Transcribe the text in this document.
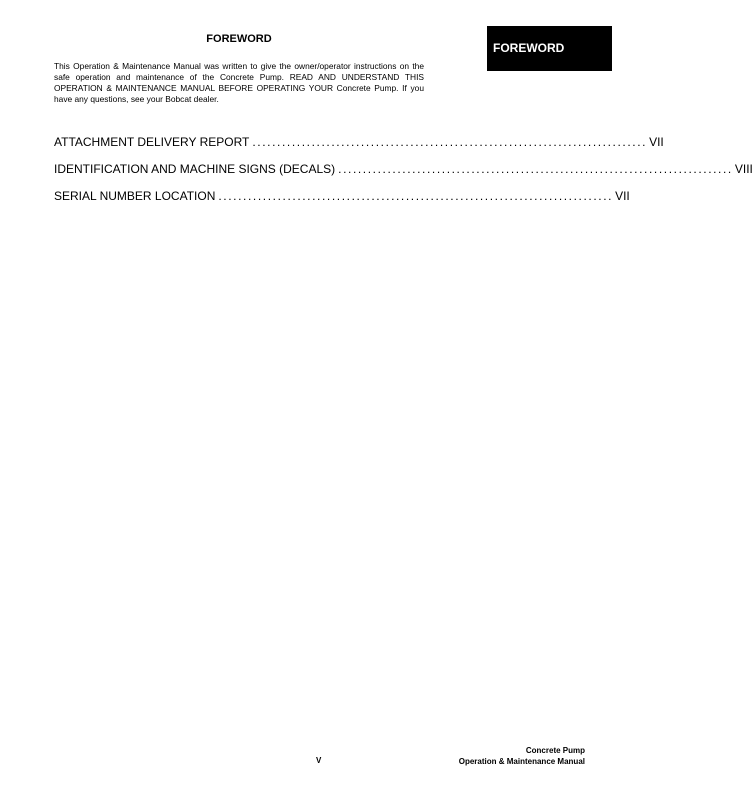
FOREWORD
FOREWORD

This Operation & Maintenance Manual was written to give the owner/operator instructions on the safe operation and maintenance of the Concrete Pump. READ AND UNDERSTAND THIS OPERATION & MAINTENANCE MANUAL BEFORE OPERATING YOUR Concrete Pump. If you have any questions, see your Bobcat dealer.

ATTACHMENT DELIVERY REPORT ................................................................................ VII
IDENTIFICATION AND MACHINE SIGNS (DECALS) ................................................................................ VIII
SERIAL NUMBER LOCATION ................................................................................ VII
V
Concrete Pump
Operation & Maintenance Manual
